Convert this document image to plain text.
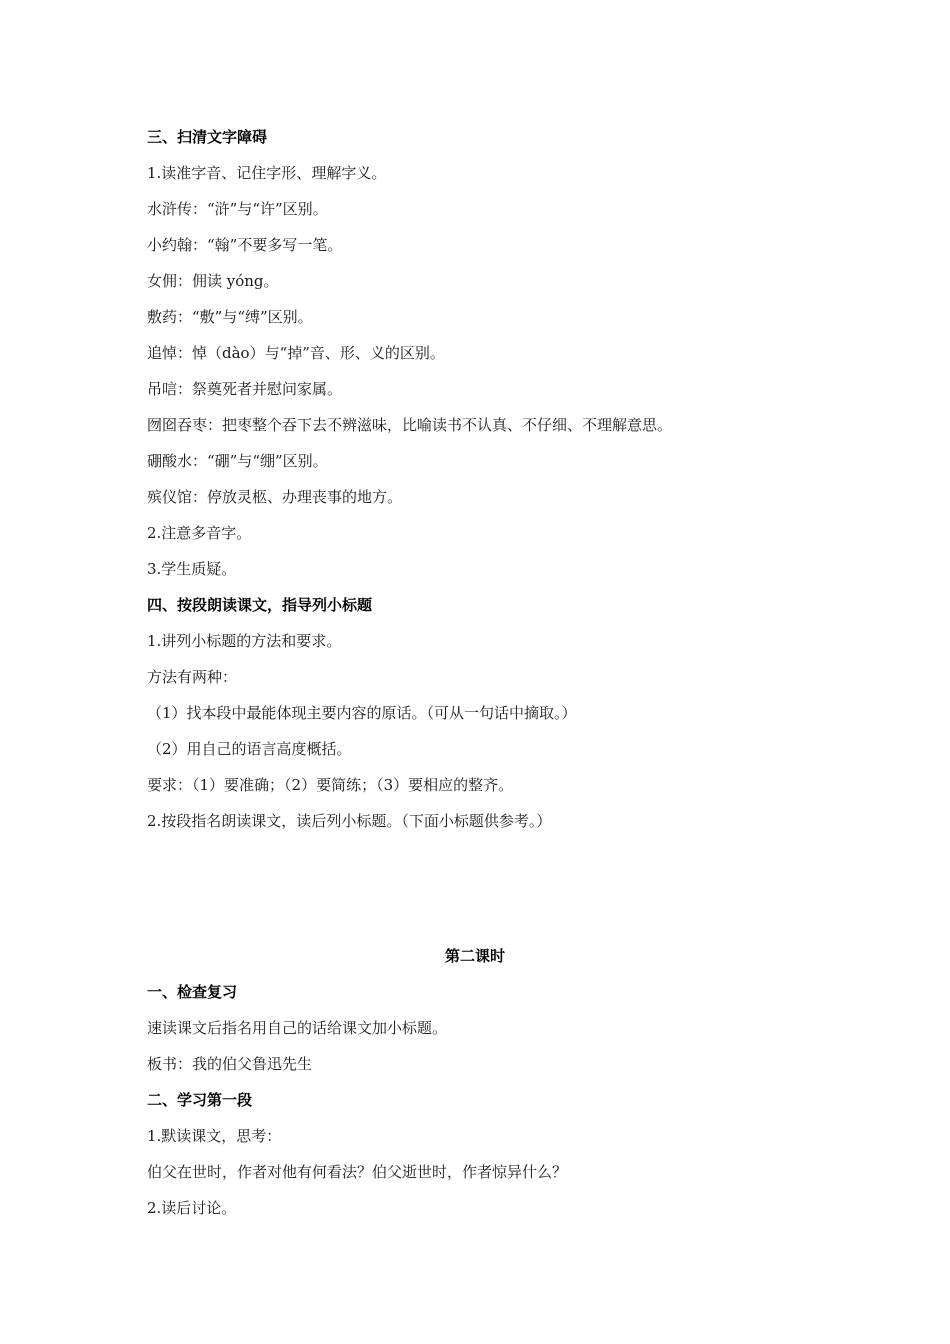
三、扫清文字障碍
1.读准字音、记住字形、理解字义。
水浒传：“浒”与“许”区别。
小约翰：“翰”不要多写一笔。
女佣：佣读 yóng。
敷药：“敷”与“缚”区别。
追悼：悼（dào）与“掉”音、形、义的区别。
吊唁：祭奠死者并慰问家属。
囫囵吞枣：把枣整个吞下去不辨滋味，比喻读书不认真、不仔细、不理解意思。
硼酸水：“硼”与“绷”区别。
殡仪馆：停放灵柩、办理丧事的地方。
2.注意多音字。
3.学生质疑。
四、按段朗读课文，指导列小标题
1.讲列小标题的方法和要求。
方法有两种：
（1）找本段中最能体现主要内容的原话。（可从一句话中摘取。）
（2）用自己的语言高度概括。
要求：（1）要准确；（2）要简练；（3）要相应的整齐。
2.按段指名朗读课文，读后列小标题。（下面小标题供参考。）
第二课时
一、检查复习
速读课文后指名用自己的话给课文加小标题。
板书：我的伯父鲁迅先生
二、学习第一段
1.默读课文，思考：
伯父在世时，作者对他有何看法？伯父逝世时，作者惊异什么？
2.读后讨论。
